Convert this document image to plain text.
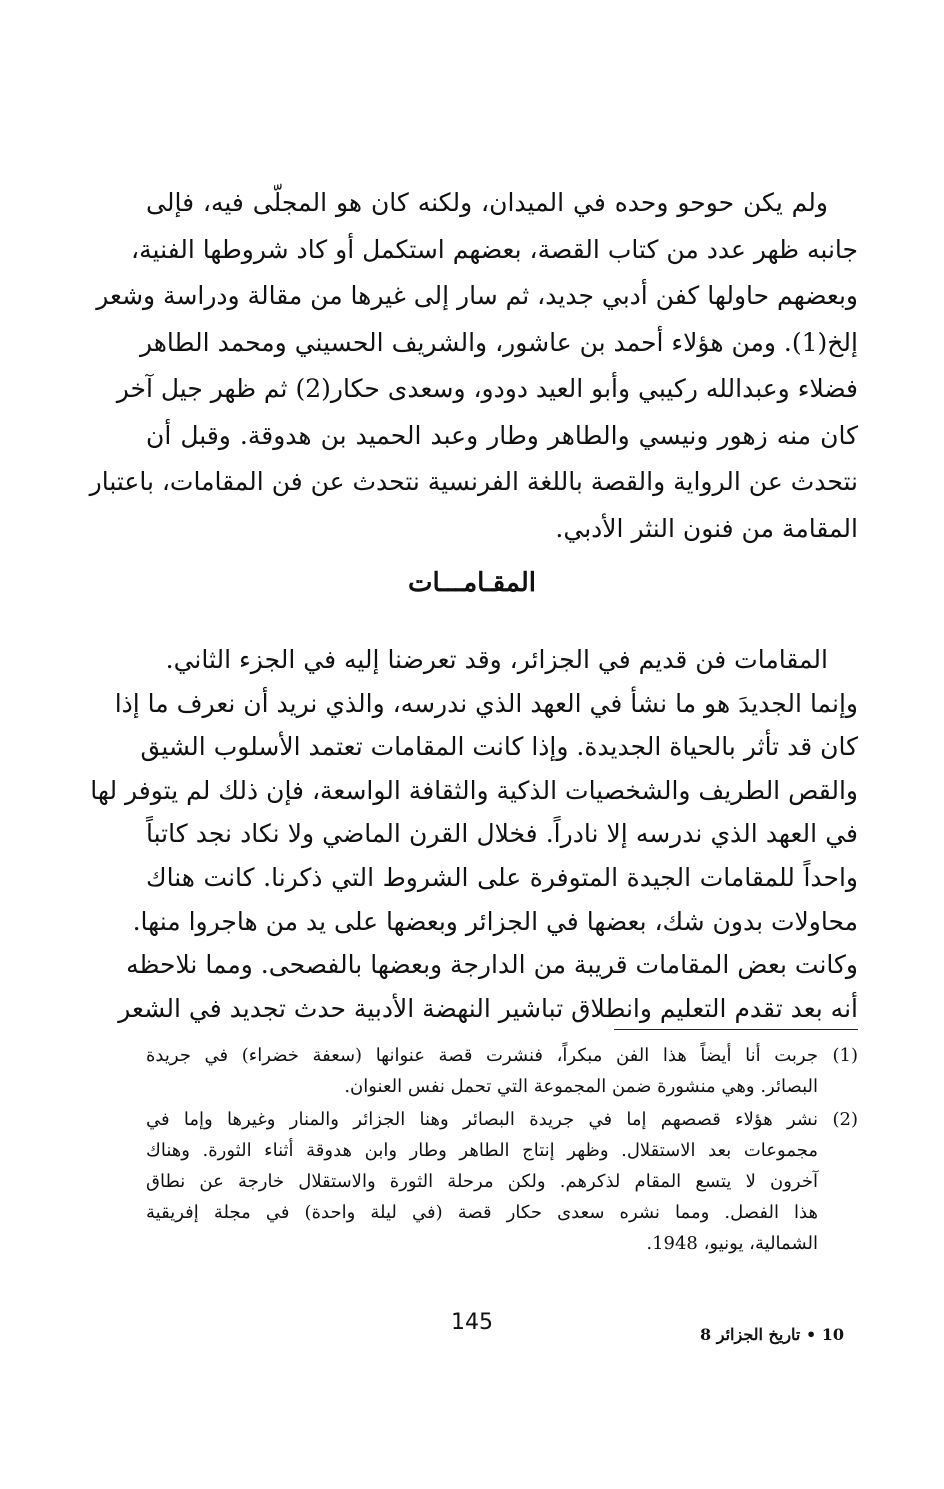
ولم يكن حوحو وحده في الميدان، ولكنه كان هو المجلّى فيه، فإلى
جانبه ظهر عدد من كتاب القصة، بعضهم استكمل أو كاد شروطها الفنية،
وبعضهم حاولها كفن أدبي جديد، ثم سار إلى غيرها من مقالة ودراسة وشعر
إلخ(1). ومن هؤلاء أحمد بن عاشور، والشريف الحسيني ومحمد الطاهر
فضلاء وعبدالله ركيبي وأبو العيد دودو، وسعدى حكار(2) ثم ظهر جيل آخر
كان منه زهور ونيسي والطاهر وطار وعبد الحميد بن هدوقة. وقبل أن
نتحدث عن الرواية والقصة باللغة الفرنسية نتحدث عن فن المقامات، باعتبار
المقامة من فنون النثر الأدبي.

المقـامـــات

المقامات فن قديم في الجزائر، وقد تعرضنا إليه في الجزء الثاني.
وإنما الجديدَ هو ما نشأ في العهد الذي ندرسه، والذي نريد أن نعرف ما إذا
كان قد تأثر بالحياة الجديدة. وإذا كانت المقامات تعتمد الأسلوب الشيق
والقص الطريف والشخصيات الذكية والثقافة الواسعة، فإن ذلك لم يتوفر لها
في العهد الذي ندرسه إلا نادراً. فخلال القرن الماضي ولا نكاد نجد كاتباً
واحداً للمقامات الجيدة المتوفرة على الشروط التي ذكرنا. كانت هناك
محاولات بدون شك، بعضها في الجزائر وبعضها على يد من هاجروا منها.
وكانت بعض المقامات قريبة من الدارجة وبعضها بالفصحى. ومما نلاحظه
أنه بعد تقدم التعليم وانطلاق تباشير النهضة الأدبية حدث تجديد في الشعر

(1)
جربت أنا أيضاً هذا الفن مبكراً، فنشرت قصة عنوانها (سعفة خضراء) في جريدة
البصائر. وهي منشورة ضمن المجموعة التي تحمل نفس العنوان.
(2)
نشر هؤلاء قصصهم إما في جريدة البصائر وهنا الجزائر والمنار وغيرها وإما في
مجموعات بعد الاستقلال. وظهر إنتاج الطاهر وطار وابن هدوقة أثناء الثورة. وهناك
آخرون لا يتسع المقام لذكرهم. ولكن مرحلة الثورة والاستقلال خارجة عن نطاق
هذا الفصل. ومما نشره سعدى حكار قصة (في ليلة واحدة) في مجلة إفريقية
الشمالية، يونيو، 1948.
145	10 • تاريخ الجزائر 8
